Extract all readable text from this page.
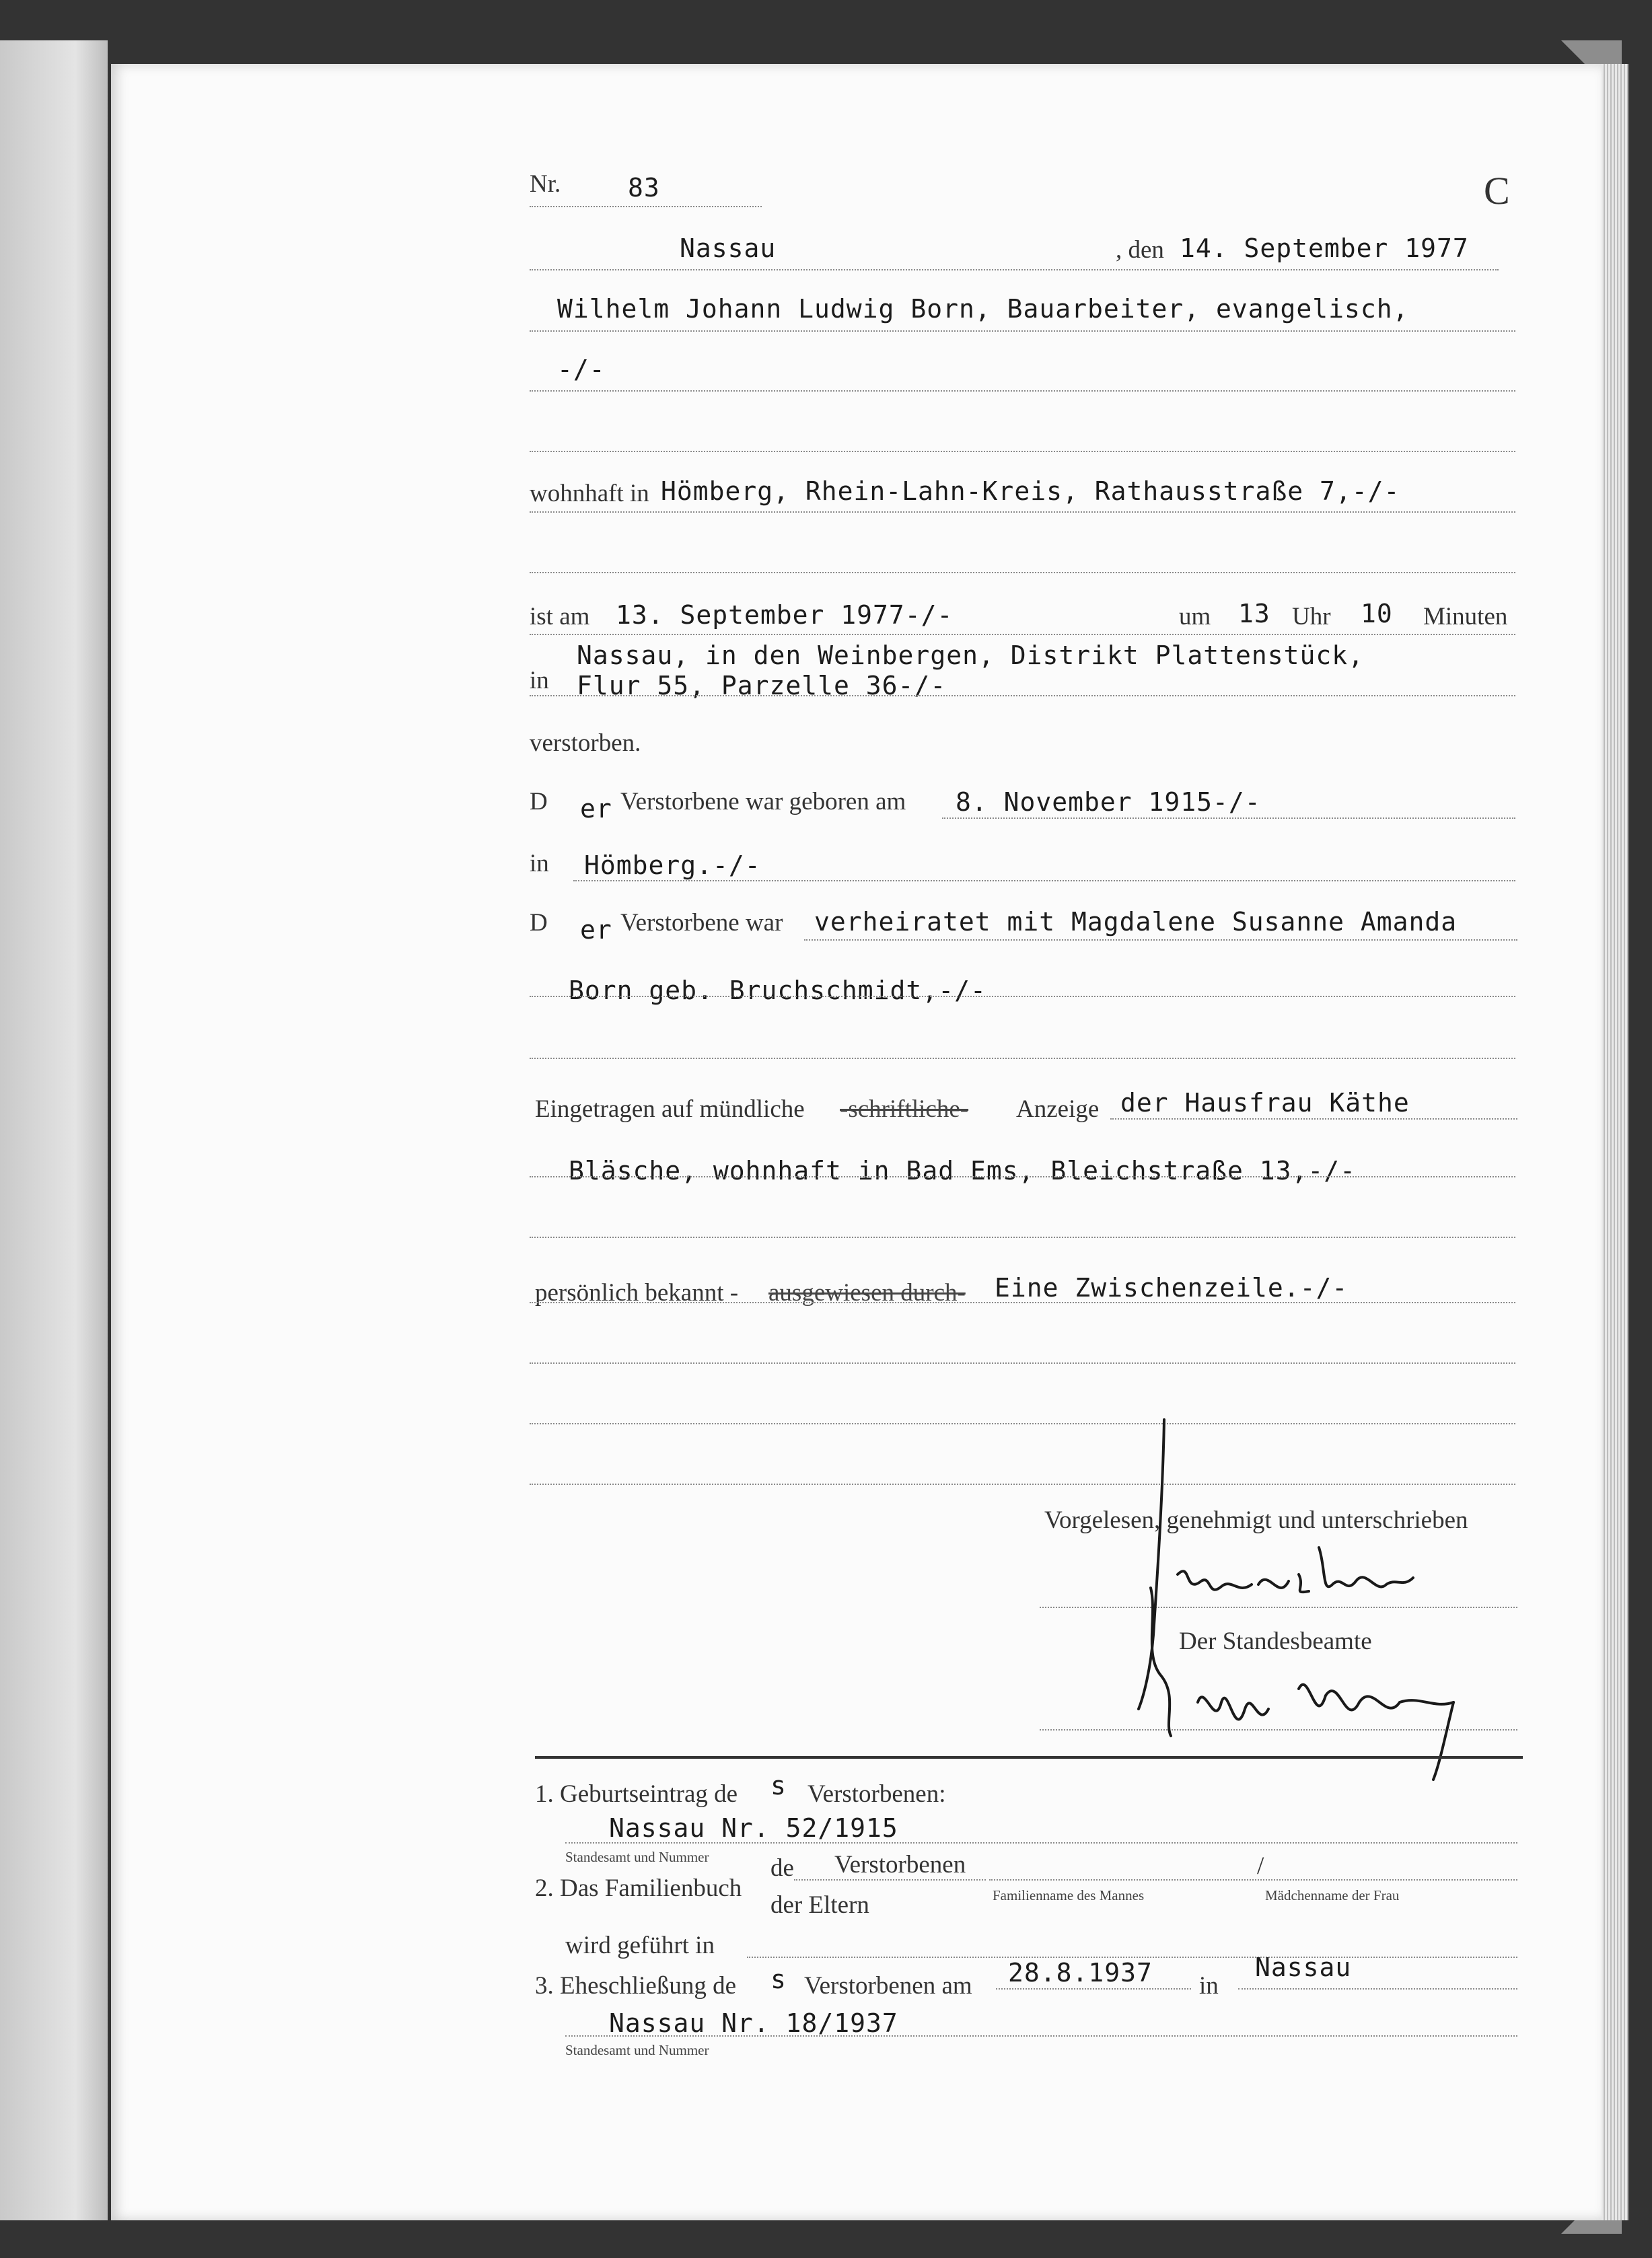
Nr.	83	C
Nassau	, den 14. September 1977
Wilhelm Johann Ludwig Born, Bauarbeiter, evangelisch,
-/-
wohnhaft in Hömberg, Rhein-Lahn-Kreis, Rathausstraße 7,-/-
ist am 13. September 1977-/-	um 13 Uhr 10 Minuten
in
Nassau, in den Weinbergen, Distrikt Plattenstück,
Flur 55, Parzelle 36-/-
verstorben.
D er Verstorbene war geboren am 8. November 1915-/-
in Hömberg.-/-
D er Verstorbene war verheiratet mit Magdalene Susanne Amanda
Born geb. Bruchschmidt,-/-
Eingetragen auf mündliche -schriftliche- Anzeige der Hausfrau Käthe
Bläsche, wohnhaft in Bad Ems, Bleichstraße 13,-/-
persönlich bekannt - ausgewiesen durch- Eine Zwischenzeile.-/-
Vorgelesen, genehmigt und unterschrieben
Der Standesbeamte
1. Geburtseintrag de s Verstorbenen:
Nassau Nr. 52/1915
Standesamt und Nummer
2. Das Familienbuch
de Verstorbenen
der Eltern	Familienname des Mannes
/
Mädchenname der Frau
wird geführt in
3. Eheschließung de s Verstorbenen am 28.8.1937 in
Nassau
Nassau Nr. 18/1937
Standesamt und Nummer
